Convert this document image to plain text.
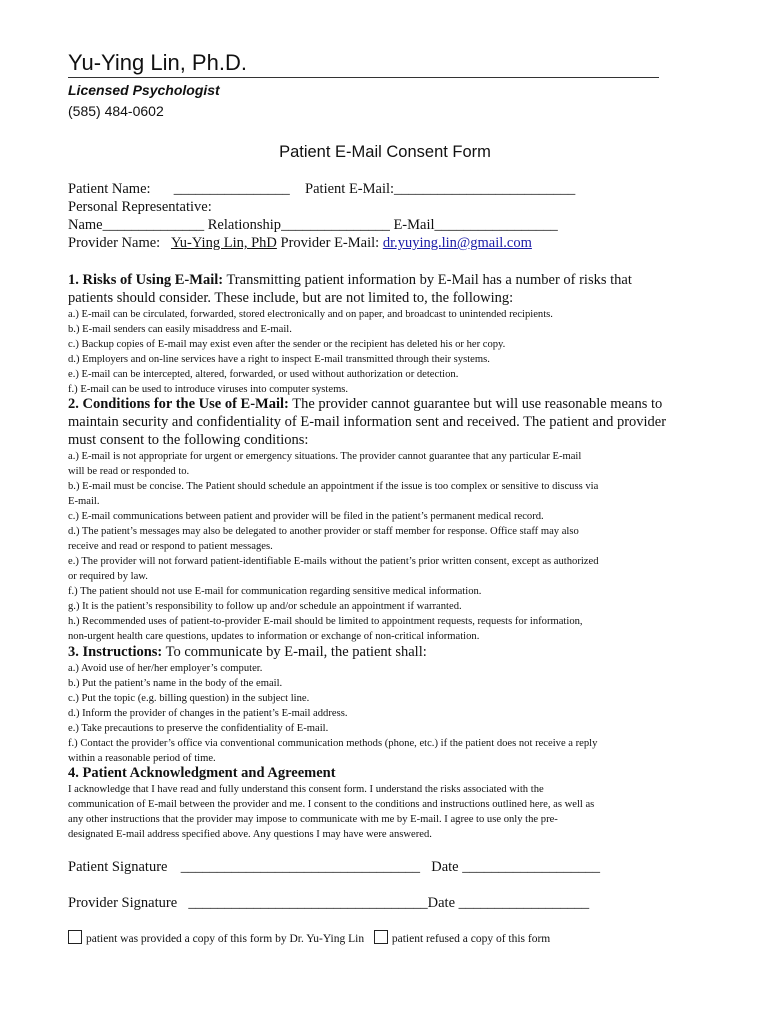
Yu-Ying Lin, Ph.D.
Licensed Psychologist
(585) 484-0602
Patient E-Mail Consent Form
Patient Name: ________________ Patient E-Mail:_________________________
Personal Representative:
Name______________ Relationship_______________ E-Mail_________________
Provider Name: Yu-Ying Lin, PhD Provider E-Mail: dr.yuying.lin@gmail.com
1. Risks of Using E-Mail: Transmitting patient information by E-Mail has a number of risks that
patients should consider. These include, but are not limited to, the following:
a.) E-mail can be circulated, forwarded, stored electronically and on paper, and broadcast to unintended recipients.
b.) E-mail senders can easily misaddress and E-mail.
c.) Backup copies of E-mail may exist even after the sender or the recipient has deleted his or her copy.
d.) Employers and on-line services have a right to inspect E-mail transmitted through their systems.
e.) E-mail can be intercepted, altered, forwarded, or used without authorization or detection.
f.) E-mail can be used to introduce viruses into computer systems.
2. Conditions for the Use of E-Mail: The provider cannot guarantee but will use reasonable means to
maintain security and confidentiality of E-mail information sent and received. The patient and provider
must consent to the following conditions:
a.) E-mail is not appropriate for urgent or emergency situations. The provider cannot guarantee that any particular E-mail
will be read or responded to.
b.) E-mail must be concise. The Patient should schedule an appointment if the issue is too complex or sensitive to discuss via
E-mail.
c.) E-mail communications between patient and provider will be filed in the patient’s permanent medical record.
d.) The patient’s messages may also be delegated to another provider or staff member for response. Office staff may also
receive and read or respond to patient messages.
e.) The provider will not forward patient-identifiable E-mails without the patient’s prior written consent, except as authorized
or required by law.
f.) The patient should not use E-mail for communication regarding sensitive medical information.
g.) It is the patient’s responsibility to follow up and/or schedule an appointment if warranted.
h.) Recommended uses of patient-to-provider E-mail should be limited to appointment requests, requests for information,
non-urgent health care questions, updates to information or exchange of non-critical information.
3. Instructions: To communicate by E-mail, the patient shall:
a.) Avoid use of her/her employer’s computer.
b.) Put the patient’s name in the body of the email.
c.) Put the topic (e.g. billing question) in the subject line.
d.) Inform the provider of changes in the patient’s E-mail address.
e.) Take precautions to preserve the confidentiality of E-mail.
f.) Contact the provider’s office via conventional communication methods (phone, etc.) if the patient does not receive a reply
within a reasonable period of time.
4. Patient Acknowledgment and Agreement
I acknowledge that I have read and fully understand this consent form. I understand the risks associated with the
communication of E-mail between the provider and me. I consent to the conditions and instructions outlined here, as well as
any other instructions that the provider may impose to communicate with me by E-mail. I agree to use only the pre-
designated E-mail address specified above. Any questions I may have were answered.
Patient Signature _________________________________ Date ___________________
Provider Signature _________________________________Date __________________
patient was provided a copy of this form by Dr. Yu-Ying Lin patient refused a copy of this form
